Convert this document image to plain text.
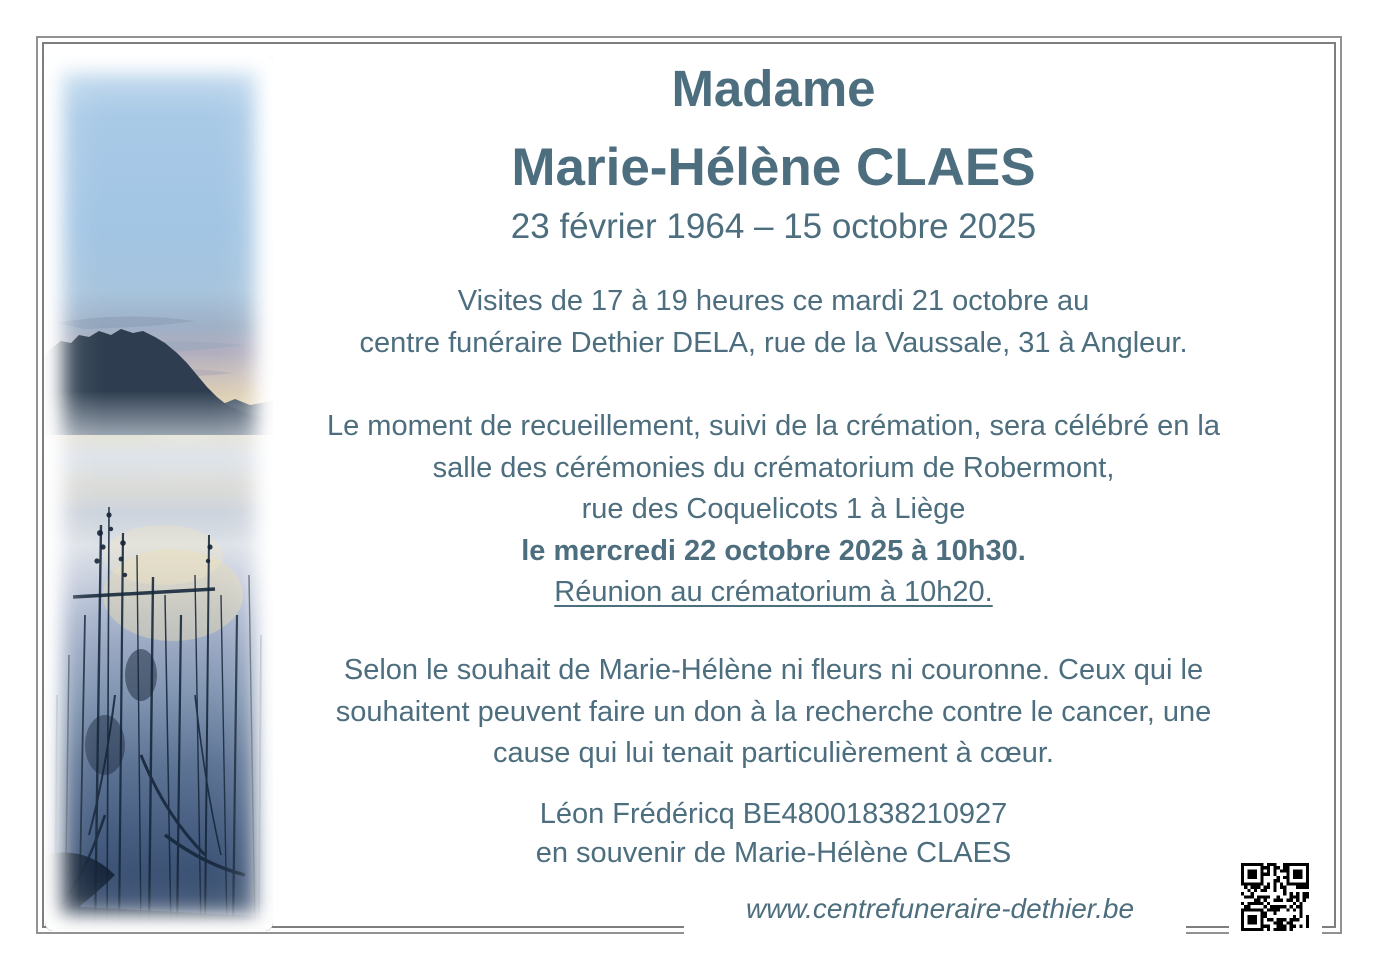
Madame
Marie-Hélène CLAES
23 février 1964 – 15 octobre 2025
Visites de 17 à 19 heures ce mardi 21 octobre au
centre funéraire Dethier DELA, rue de la Vaussale, 31 à Angleur.
Le moment de recueillement, suivi de la crémation, sera célébré en la
salle des cérémonies du crématorium de Robermont,
rue des Coquelicots 1 à Liège
le mercredi 22 octobre 2025 à 10h30.
Réunion au crématorium à 10h20.
Selon le souhait de Marie-Hélène ni fleurs ni couronne. Ceux qui le
souhaitent peuvent faire un don à la recherche contre le cancer, une
cause qui lui tenait particulièrement à cœur.
Léon Frédéricq BE48001838210927
en souvenir de Marie-Hélène CLAES
www.centrefuneraire-dethier.be
